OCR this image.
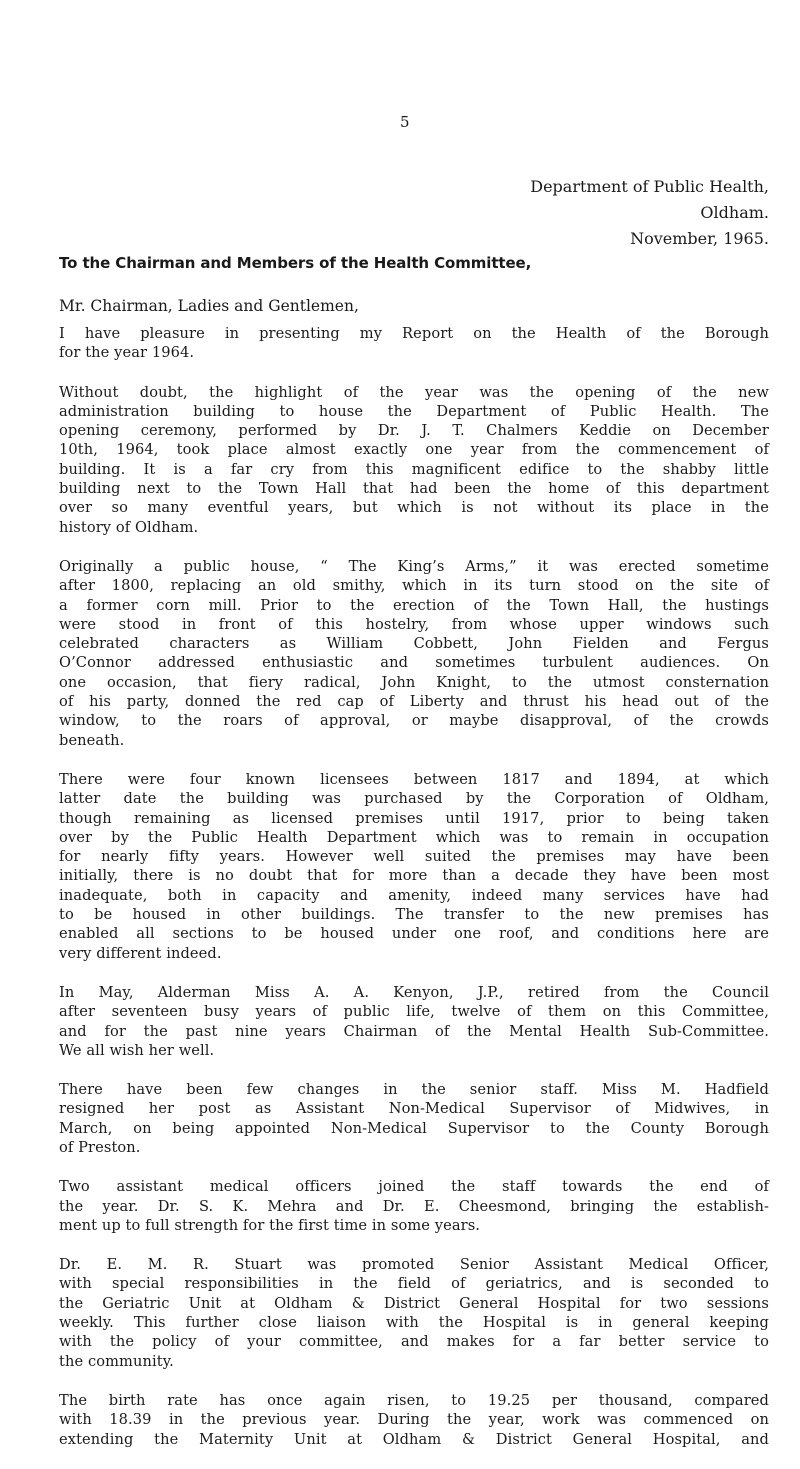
5
Department of Public Health,
Oldham.
November, 1965.
To the Chairman and Members of the Health Committee,
Mr. Chairman, Ladies and Gentlemen,
I have pleasure in presenting my Report on the Health of the Borough
for the year 1964.
Without doubt, the highlight of the year was the opening of the new
administration building to house the Department of Public Health. The
opening ceremony, performed by Dr. J. T. Chalmers Keddie on December
10th, 1964, took place almost exactly one year from the commencement of
building. It is a far cry from this magnificent edifice to the shabby little
building next to the Town Hall that had been the home of this department
over so many eventful years, but which is not without its place in the
history of Oldham.
Originally a public house, “ The King’s Arms,” it was erected sometime
after 1800, replacing an old smithy, which in its turn stood on the site of
a former corn mill. Prior to the erection of the Town Hall, the hustings
were stood in front of this hostelry, from whose upper windows such
celebrated characters as William Cobbett, John Fielden and Fergus
O’Connor addressed enthusiastic and sometimes turbulent audiences. On
one occasion, that fiery radical, John Knight, to the utmost consternation
of his party, donned the red cap of Liberty and thrust his head out of the
window, to the roars of approval, or maybe disapproval, of the crowds
beneath.
There were four known licensees between 1817 and 1894, at which
latter date the building was purchased by the Corporation of Oldham,
though remaining as licensed premises until 1917, prior to being taken
over by the Public Health Department which was to remain in occupation
for nearly fifty years. However well suited the premises may have been
initially, there is no doubt that for more than a decade they have been most
inadequate, both in capacity and amenity, indeed many services have had
to be housed in other buildings. The transfer to the new premises has
enabled all sections to be housed under one roof, and conditions here are
very different indeed.
In May, Alderman Miss A. A. Kenyon, J.P., retired from the Council
after seventeen busy years of public life, twelve of them on this Committee,
and for the past nine years Chairman of the Mental Health Sub-Committee.
We all wish her well.
There have been few changes in the senior staff. Miss M. Hadfield
resigned her post as Assistant Non-Medical Supervisor of Midwives, in
March, on being appointed Non-Medical Supervisor to the County Borough
of Preston.
Two assistant medical officers joined the staff towards the end of
the year. Dr. S. K. Mehra and Dr. E. Cheesmond, bringing the establish-
ment up to full strength for the first time in some years.
Dr. E. M. R. Stuart was promoted Senior Assistant Medical Officer,
with special responsibilities in the field of geriatrics, and is seconded to
the Geriatric Unit at Oldham & District General Hospital for two sessions
weekly. This further close liaison with the Hospital is in general keeping
with the policy of your committee, and makes for a far better service to
the community.
The birth rate has once again risen, to 19.25 per thousand, compared
with 18.39 in the previous year. During the year, work was commenced on
extending the Maternity Unit at Oldham & District General Hospital, and
